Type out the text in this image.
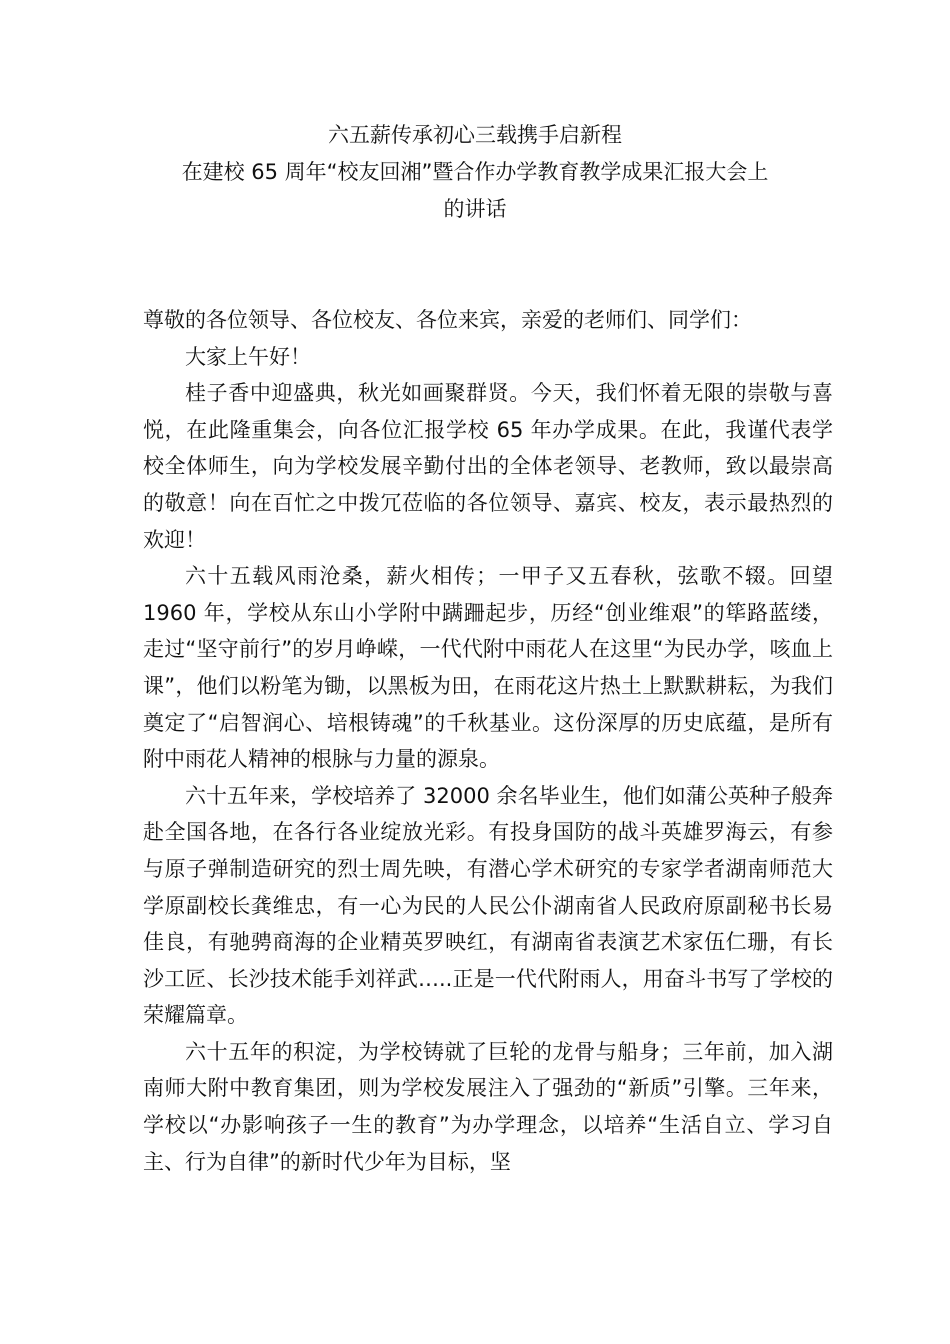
六五薪传承初心三载携手启新程
在建校 65 周年“校友回湘”暨合作办学教育教学成果汇报大会上
的讲话

尊敬的各位领导、各位校友、各位来宾，亲爱的老师们、同学们：

大家上午好！

桂子香中迎盛典，秋光如画聚群贤。今天，我们怀着无限的崇敬与喜悦，在此隆重集会，向各位汇报学校 65 年办学成果。在此，我谨代表学校全体师生，向为学校发展辛勤付出的全体老领导、老教师，致以最崇高的敬意！向在百忙之中拨冗莅临的各位领导、嘉宾、校友，表示最热烈的欢迎！

六十五载风雨沧桑，薪火相传；一甲子又五春秋，弦歌不辍。回望 1960 年，学校从东山小学附中蹒跚起步，历经“创业维艰”的筚路蓝缕，走过“坚守前行”的岁月峥嵘，一代代附中雨花人在这里“为民办学，咳血上课”，他们以粉笔为锄，以黑板为田，在雨花这片热土上默默耕耘，为我们奠定了“启智润心、培根铸魂”的千秋基业。这份深厚的历史底蕴，是所有附中雨花人精神的根脉与力量的源泉。

六十五年来，学校培养了 32000 余名毕业生，他们如蒲公英种子般奔赴全国各地，在各行各业绽放光彩。有投身国防的战斗英雄罗海云，有参与原子弹制造研究的烈士周先映，有潜心学术研究的专家学者湖南师范大学原副校长龚维忠，有一心为民的人民公仆湖南省人民政府原副秘书长易佳良，有驰骋商海的企业精英罗映红，有湖南省表演艺术家伍仁珊，有长沙工匠、长沙技术能手刘祥武…..正是一代代附雨人，用奋斗书写了学校的荣耀篇章。

六十五年的积淀，为学校铸就了巨轮的龙骨与船身；三年前，加入湖南师大附中教育集团，则为学校发展注入了强劲的“新质”引擎。三年来，学校以“办影响孩子一生的教育”为办学理念，以培养“生活自立、学习自主、行为自律”的新时代少年为目标，坚
